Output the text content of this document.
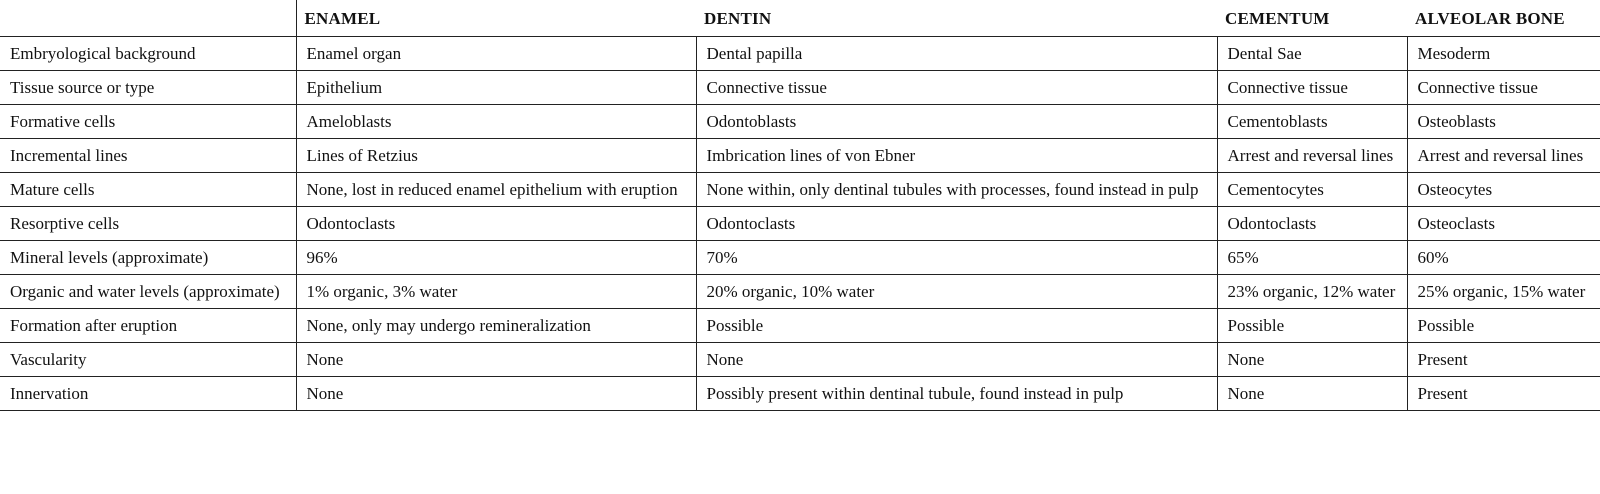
	ENAMEL	DENTIN	CEMENTUM	ALVEOLAR BONE

Embryological background	Enamel organ	Dental papilla	Dental Sae	Mesoderm

Tissue source or type	Epithelium	Connective tissue	Connective tissue	Connective tissue

Formative cells	Ameloblasts	Odontoblasts	Cementoblasts	Osteoblasts

Incremental lines	Lines of Retzius	Imbrication lines of von Ebner	Arrest and reversal lines	Arrest and reversal lines

Mature cells	None, lost in reduced enamel epithelium with eruption	None within, only dentinal tubules with processes, found instead in pulp	Cementocytes	Osteocytes

Resorptive cells	Odontoclasts	Odontoclasts	Odontoclasts	Osteoclasts

Mineral levels (approximate)	96%	70%	65%	60%

Organic and water levels (approximate)	1% organic, 3% water	20% organic, 10% water	23% organic, 12% water	25% organic, 15% water

Formation after eruption	None, only may undergo remineralization	Possible	Possible	Possible

Vascularity	None	None	None	Present

Innervation	None	Possibly present within dentinal tubule, found instead in pulp	None	Present
